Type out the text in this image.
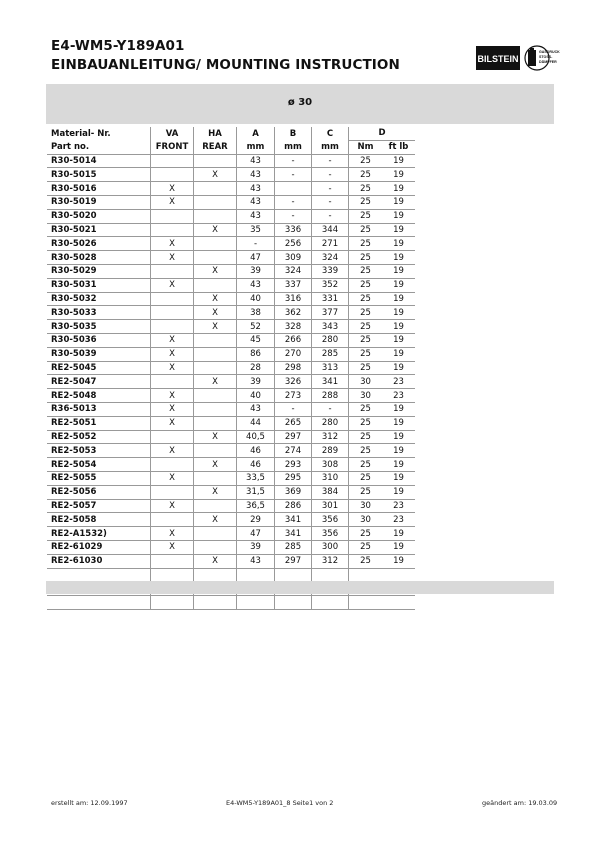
E4-WM5-Y189A01
EINBAUANLEITUNG/ MOUNTING INSTRUCTION	BILSTEIN
GASDRUCK
STOSS-
DÄMPFER
ø 30
Material- Nr.	VA	HA	A	B	C	D	
Part no.	FRONT	REAR	mm	mm	mm	Nm	ft lb
R30-5014			43	-	-	25	19
R30-5015		X	43	-	-	25	19
R30-5016	X		43		-	25	19
R30-5019	X		43	-	-	25	19
R30-5020			43	-	-	25	19
R30-5021		X	35	336	344	25	19
R30-5026	X		-	256	271	25	19
R30-5028	X		47	309	324	25	19
R30-5029		X	39	324	339	25	19
R30-5031	X		43	337	352	25	19
R30-5032		X	40	316	331	25	19
R30-5033		X	38	362	377	25	19
R30-5035		X	52	328	343	25	19
R30-5036	X		45	266	280	25	19
R30-5039	X		86	270	285	25	19
RE2-5045	X		28	298	313	25	19
RE2-5047		X	39	326	341	30	23
RE2-5048	X		40	273	288	30	23
R36-5013	X		43	-	-	25	19
RE2-5051	X		44	265	280	25	19
RE2-5052		X	40,5	297	312	25	19
RE2-5053	X		46	274	289	25	19
RE2-5054		X	46	293	308	25	19
RE2-5055	X		33,5	295	310	25	19
RE2-5056		X	31,5	369	384	25	19
RE2-5057	X		36,5	286	301	30	23
RE2-5058		X	29	341	356	30	23
RE2-A1532)	X		47	341	356	25	19
RE2-61029	X		39	285	300	25	19
RE2-61030		X	43	297	312	25	19

erstellt am: 12.09.1997	E4-WM5-Y189A01_8 Seite1 von 2	geändert am: 19.03.09
